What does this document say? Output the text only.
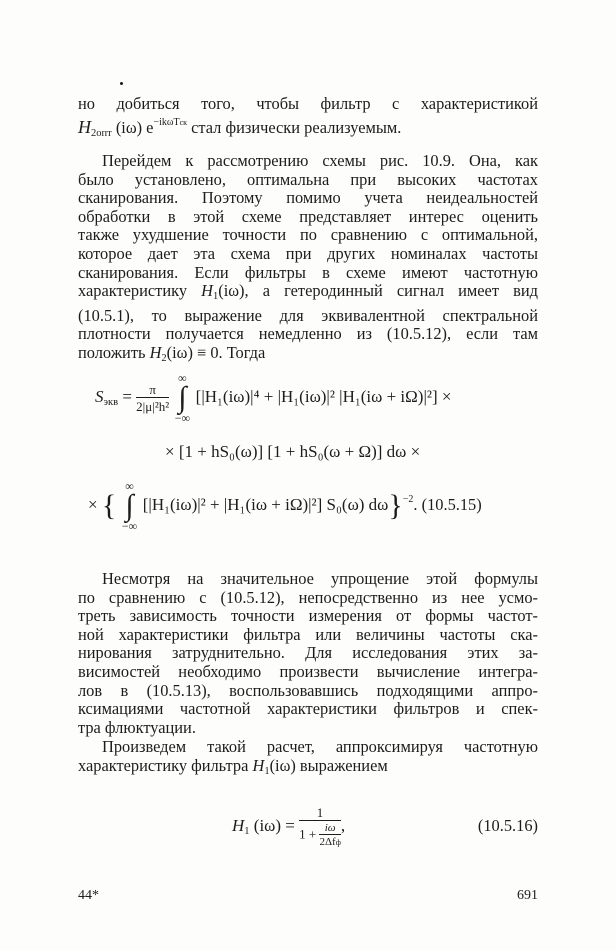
но добиться того, чтобы фильтр с характеристикой
$H_{2опт}$ (iω) $e^{-ik\omega Tск}$ стал физически реализуемым.
Перейдем к рассмотрению схемы рис. 10.9. Она, как
было установлено, оптимальна при высоких частотах
сканирования. Поэтому помимо учета неидеальностей
обработки в этой схеме представляет интерес оценить
также ухудшение точности по сравнению с оптимальной,
которое дает эта схема при других номиналах частоты
сканирования. Если фильтры в схеме имеют частотную
характеристику $H_1(i\omega)$, а гетеродинный сигнал имеет вид
(10.5.1), то выражение для эквивалентной спектральной
плотности получается немедленно из (10.5.12), если там
положить $H_2(i\omega) \equiv 0$. Тогда
$S_{экв} = \frac{\pi}{\text{2|μ|²h²}}$

∞
∫
−∞
[|H₁(iω)|⁴ + |H₁(iω)|² |H₁(iω + iΩ)|²] ×
× [1 + hS₀(ω)] [1 + hS₀(ω + Ω)] dω ×
× {
∞
∫
−∞
[|H₁(iω)|² + |H₁(iω + iΩ)|²] S₀(ω) dω}$^{-2}$. (10.5.15)
Несмотря на значительное упрощение этой формулы
по сравнению с (10.5.12), непосредственно из нее усмо-
треть зависимость точности измерения от формы частот-
ной характеристики фильтра или величины частоты ска-
нирования затруднительно. Для исследования этих за-
висимостей необходимо произвести вычисление интегра-
лов в (10.5.13), воспользовавшись подходящими аппро-
ксимациями частотной характеристики фильтров и спек-
тра флюктуации.
Произведем такой расчет, аппроксимируя частотную
характеристику фильтра $H_1(i\omega)$ выражением
$H_1$ $(i\omega) = \frac{1}{1 + \frac{i\omega}{\text{2Δfф}}}$ ,	(10.5.16)
44*	691
